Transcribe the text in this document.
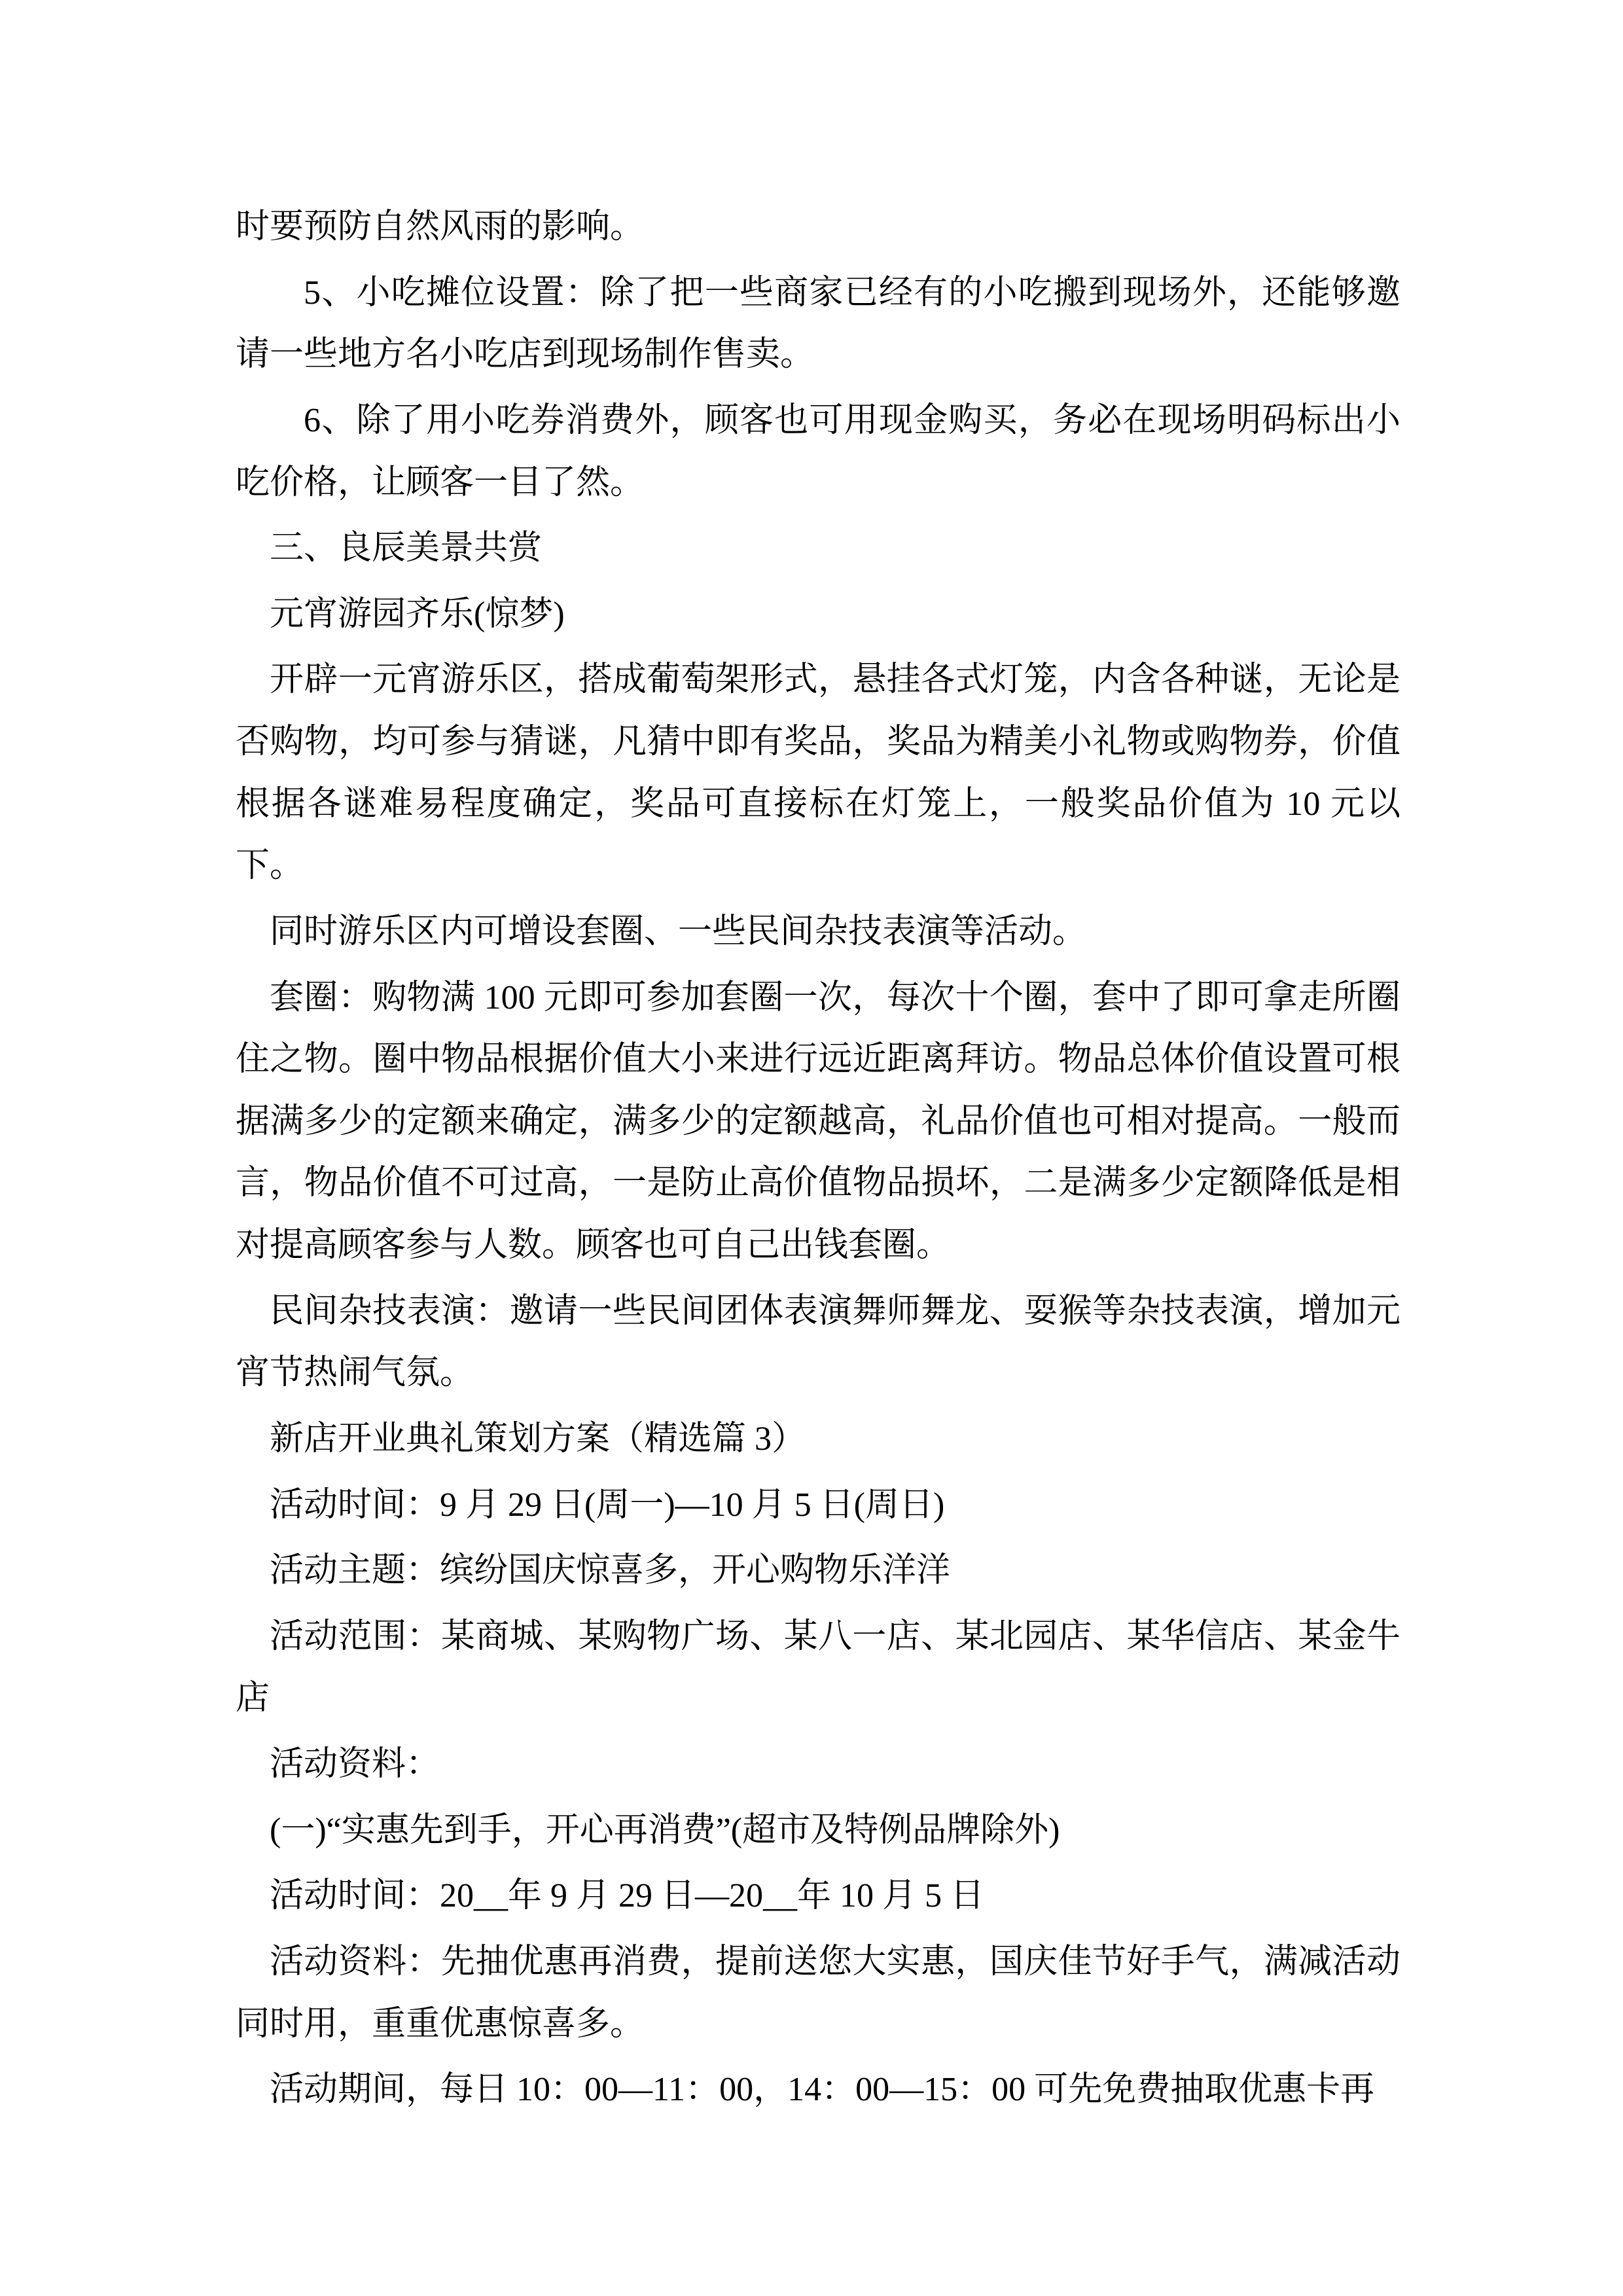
时要预防自然风雨的影响。

5、小吃摊位设置：除了把一些商家已经有的小吃搬到现场外，还能够邀请一些地方名小吃店到现场制作售卖。

6、除了用小吃券消费外，顾客也可用现金购买，务必在现场明码标出小吃价格，让顾客一目了然。

三、良辰美景共赏

元宵游园齐乐(惊梦)

开辟一元宵游乐区，搭成葡萄架形式，悬挂各式灯笼，内含各种谜，无论是否购物，均可参与猜谜，凡猜中即有奖品，奖品为精美小礼物或购物券，价值根据各谜难易程度确定，奖品可直接标在灯笼上，一般奖品价值为 10 元以下。

同时游乐区内可增设套圈、一些民间杂技表演等活动。

套圈：购物满 100 元即可参加套圈一次，每次十个圈，套中了即可拿走所圈住之物。圈中物品根据价值大小来进行远近距离拜访。物品总体价值设置可根据满多少的定额来确定，满多少的定额越高，礼品价值也可相对提高。一般而言，物品价值不可过高，一是防止高价值物品损坏，二是满多少定额降低是相对提高顾客参与人数。顾客也可自己出钱套圈。

民间杂技表演：邀请一些民间团体表演舞师舞龙、耍猴等杂技表演，增加元宵节热闹气氛。

新店开业典礼策划方案（精选篇 3）

活动时间：9 月 29 日(周一)—10 月 5 日(周日)

活动主题：缤纷国庆惊喜多，开心购物乐洋洋

活动范围：某商城、某购物广场、某八一店、某北园店、某华信店、某金牛店

活动资料：

(一)“实惠先到手，开心再消费”(超市及特例品牌除外)

活动时间：20__年 9 月 29 日—20__年 10 月 5 日

活动资料：先抽优惠再消费，提前送您大实惠，国庆佳节好手气，满减活动同时用，重重优惠惊喜多。

活动期间，每日 10：00—11：00，14：00—15：00 可先免费抽取优惠卡再
